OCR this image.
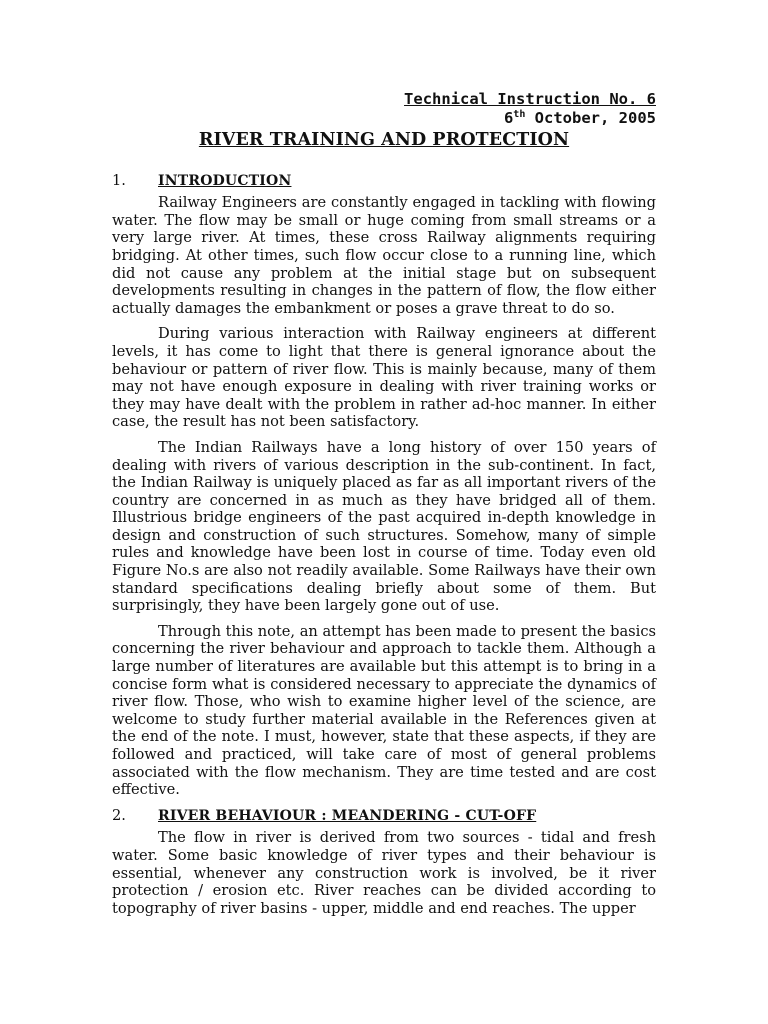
Technical Instruction No. 6
6th October, 2005
RIVER TRAINING AND PROTECTION
1.	INTRODUCTION

Railway Engineers are constantly engaged in tackling with flowing water. The flow may be small or huge coming from small streams or a very large river. At times, these cross Railway alignments requiring bridging. At other times, such flow occur close to a running line, which did not cause any problem at the initial stage but on subsequent developments resulting in changes in the pattern of flow, the flow either actually damages the embankment or poses a grave threat to do so.

During various interaction with Railway engineers at different levels, it has come to light that there is general ignorance about the behaviour or pattern of river flow. This is mainly because, many of them may not have enough exposure in dealing with river training works or they may have dealt with the problem in rather ad-hoc manner. In either case, the result has not been satisfactory.

The Indian Railways have a long history of over 150 years of dealing with rivers of various description in the sub-continent. In fact, the Indian Railway is uniquely placed as far as all important rivers of the country are concerned in as much as they have bridged all of them. Illustrious bridge engineers of the past acquired in-depth knowledge in design and construction of such structures. Somehow, many of simple rules and knowledge have been lost in course of time. Today even old Figure No.s are also not readily available. Some Railways have their own standard specifications dealing briefly about some of them. But surprisingly, they have been largely gone out of use.

Through this note, an attempt has been made to present the basics concerning the river behaviour and approach to tackle them. Although a large number of literatures are available but this attempt is to bring in a concise form what is considered necessary to appreciate the dynamics of river flow. Those, who wish to examine higher level of the science, are welcome to study further material available in the References given at the end of the note. I must, however, state that these aspects, if they are followed and practiced, will take care of most of general problems associated with the flow mechanism. They are time tested and are cost effective.

2.	RIVER BEHAVIOUR : MEANDERING - CUT-OFF

The flow in river is derived from two sources - tidal and fresh water. Some basic knowledge of river types and their behaviour is essential, whenever any construction work is involved, be it river protection / erosion etc. River reaches can be divided according to topography of river basins - upper, middle and end reaches. The upper
